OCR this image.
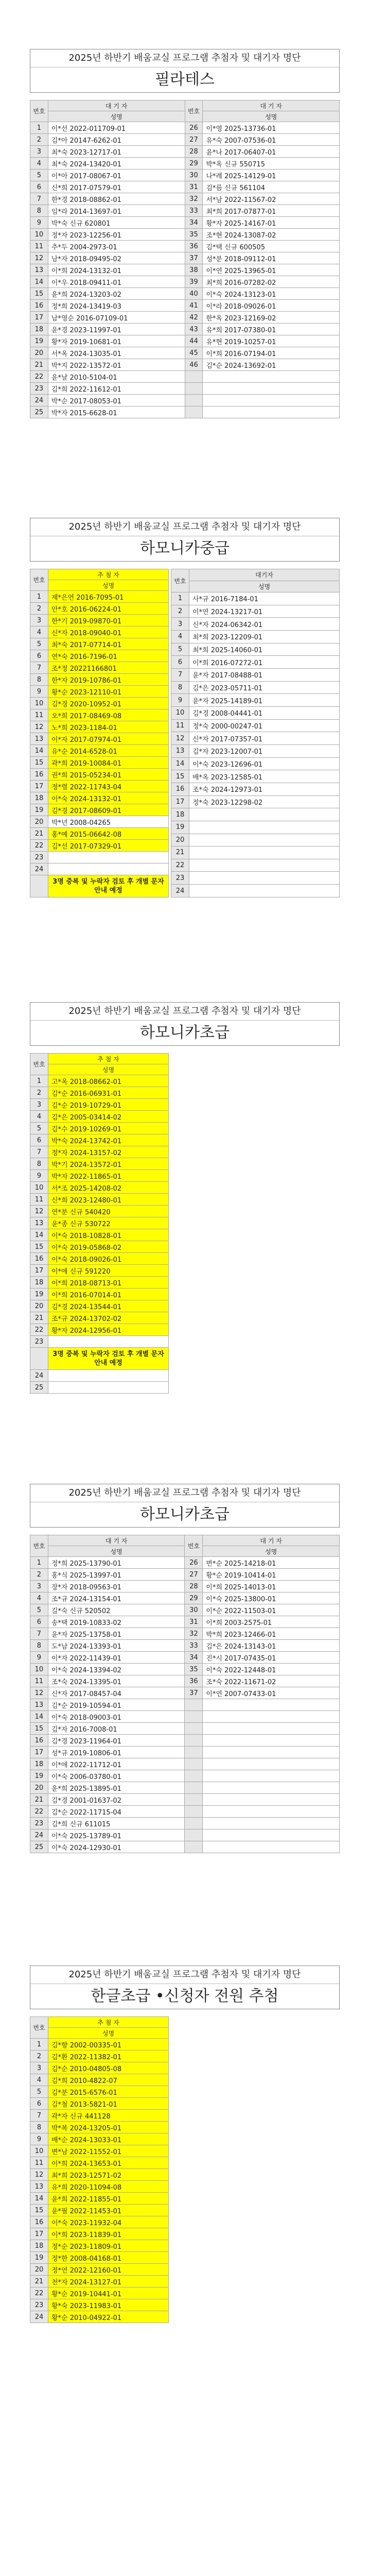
2025년 하반기 배움교실 프로그램 추첨자 및 대기자 명단
필라테스
번호	대 기 자	번호	대 기 자
	성명		성명
1	이*선 2022-011709-01	26	이*영 2025-13736-01
2	김*아 20147-6262-01	27	유*숙 2007-07536-01
3	최*숙 2023-12717-01	28	윤*나 2017-06407-01
4	최*숙 2024-13420-01	29	박*옥 신규 550715
5	이*아 2017-08067-01	30	나*례 2025-14129-01
6	신*희 2017-07579-01	31	김*름 신규 561104
7	한*경 2018-08862-01	32	서*남 2022-11567-02
8	임*라 2014-13697-01	33	최*희 2017-07877-01
9	박*숙 신규 620801	34	황*자 2025-14167-01
10	정*자 2023-12256-01	35	조*현 2024-13087-02
11	추*두 2004-2973-01	36	김*택 신규 600505
12	남*자 2018-09495-02	37	성*분 2018-09112-01
13	이*희 2024-13132-01	38	이*연 2025-13965-01
14	이*우 2018-09411-01	39	최*희 2016-07282-02
15	윤*희 2024-13203-02	40	이*숙 2024-13123-01
16	정*희 2024-13419-03	41	이*라 2018-09026-01
17	남*영순 2016-07109-01	42	한*옥 2023-12169-02
18	윤*경 2023-11997-01	43	유*희 2017-07380-01
19	황*자 2019-10681-01	44	유*현 2019-10257-01
20	서*옥 2024-13035-01	45	이*희 2016-07194-01
21	박*지 2022-13572-01	46	김*순 2024-13692-01
22	윤*날 2010-5104-01		
23	김*희 2022-11612-01		
24	박*순 2017-08053-01		
25	박*자 2015-6628-01		
2025년 하반기 배움교실 프로그램 추첨자 및 대기자 명단
하모니카중급
번호	추 첨 자
	성명
1	제*은연 2016-7095-01
2	안*호 2016-06224-01
3	한*기 2019-09870-01
4	신*자 2018-09040-01
5	최*숙 2017-07714-01
6	연*숙 2016-7196-01
7	조*정 20221166801
8	한*자 2019-10786-01
9	황*순 2023-12110-01
10	김*경 2020-10952-01
11	오*희 2017-08469-08
12	노*희 2023-1184-01
13	이*자 2017-07974-01
14	유*순 2014-6528-01
15	곽*희 2019-10084-01
16	권*희 2015-05234-01
17	정*렬 2022-11743-04
18	이*숙 2024-13132-01
19	김*경 2017-08609-01
20	박*년 2008-04265
21	홍*예 2015-06642-08
22	김*선 2017-07329-01
23	
24	
	3명 중복 및 누락자 검토 후 개별 문자 안내 예정
번호	대기자
	성명
1	사*규 2016-7184-01
2	이*연 2024-13217-01
3	신*자 2024-06342-01
4	최*희 2023-12209-01
5	최*희 2025-14060-01
6	이*희 2016-07272-01
7	윤*자 2017-08488-01
8	김*은 2023-05711-01
9	윤*자 2025-14189-01
10	김*경 2008-04441-01
11	정*숙 2000-00247-01
12	신*자 2017-07357-01
13	김*자 2023-12007-01
14	이*숙 2023-12696-01
15	배*옥 2023-12585-01
16	조*숙 2024-12973-01
17	정*숙 2023-12298-02
18	
19	
20	
21	
22	
23	
24	
2025년 하반기 배움교실 프로그램 추첨자 및 대기자 명단
하모니카초급
번호	추 첨 자
	성명
1	고*옥 2018-08662-01
2	김*순 2016-06931-01
3	김*순 2019-10729-01
4	김*은 2005-03414-02
5	김*수 2019-10269-01
6	박*숙 2024-13742-01
7	정*자 2024-13157-02
8	박*기 2024-13572-01
9	박*자 2022-11865-01
10	서*조 2025-14208-02
11	신*희 2023-12480-01
12	연*분 신규 540420
13	윤*종 신규 530722
14	이*숙 2018-10828-01
15	이*숙 2019-05868-02
16	이*숙 2018-09026-01
17	이*애 신규 591220
18	이*희 2018-08713-01
19	이*희 2016-07014-01
20	김*경 2024-13544-01
21	조*규 2024-13702-02
22	황*자 2024-12956-01
23	
	3명 중복 및 누락자 검토 후 개별 문자 안내 예정
24	
25	
2025년 하반기 배움교실 프로그램 추첨자 및 대기자 명단
하모니카초급
번호	대 기 자	번호	대 기 자
	성명		성명
1	정*희 2025-13790-01	26	변*순 2025-14218-01
2	홍*식 2025-13997-01	27	황*순 2019-10414-01
3	장*자 2018-09563-01	28	이*희 2025-14013-01
4	조*규 2024-13154-01	29	이*숙 2025-13800-01
5	길*숙 신규 520502	30	이*순 2022-11503-01
6	송*택 2019-10833-02	31	이*희 2003-2575-01
7	윤*자 2025-13758-01	32	박*희 2023-12466-01
8	도*남 2024-13393-01	33	김*은 2024-13143-01
9	이*자 2022-11439-01	34	진*시 2017-07435-01
10	이*숙 2024-13394-02	35	이*숙 2022-12448-01
11	조*숙 2024-13395-01	36	조*숙 2022-11671-02
12	신*자 2017-08457-04	37	이*연 2007-07433-01
13	김*순 2019-10594-01		
14	이*숙 2018-09003-01		
15	김*자 2016-7008-01		
16	김*경 2023-11964-01		
17	성*규 2019-10806-01		
18	이*애 2022-11712-01		
19	이*숙 2006-03780-01		
20	윤*희 2025-13895-01		
21	김*경 2001-01637-02		
22	김*순 2022-11715-04		
23	김*희 신규 611015		
24	이*숙 2025-13789-01		
25	이*숙 2024-12930-01		
2025년 하반기 배움교실 프로그램 추첨자 및 대기자 명단
한글초급 •신청자 전원 추첨
번호	추 첨 자
	성명
1	김*향 2002-00335-01
2	김*환 2022-11382-01
3	김*순 2010-04805-08
4	김*희 2010-4822-07
5	김*분 2015-6576-01
6	김*철 2013-5821-01
7	곽*자 신규 441128
8	박*복 2024-13205-01
9	배*순 2024-13033-01
10	변*남 2022-11552-01
11	이*희 2024-13653-01
12	최*희 2023-12571-02
13	유*희 2020-11094-08
14	윤*희 2022-11855-01
15	윤*필 2022-11453-01
16	이*숙 2023-11932-04
17	이*희 2023-11839-01
18	정*순 2023-11809-01
19	정*한 2008-04168-01
20	정*연 2022-12160-01
21	천*자 2024-13127-01
22	황*순 2019-10441-01
23	황*숙 2023-11983-01
24	황*순 2010-04922-01
